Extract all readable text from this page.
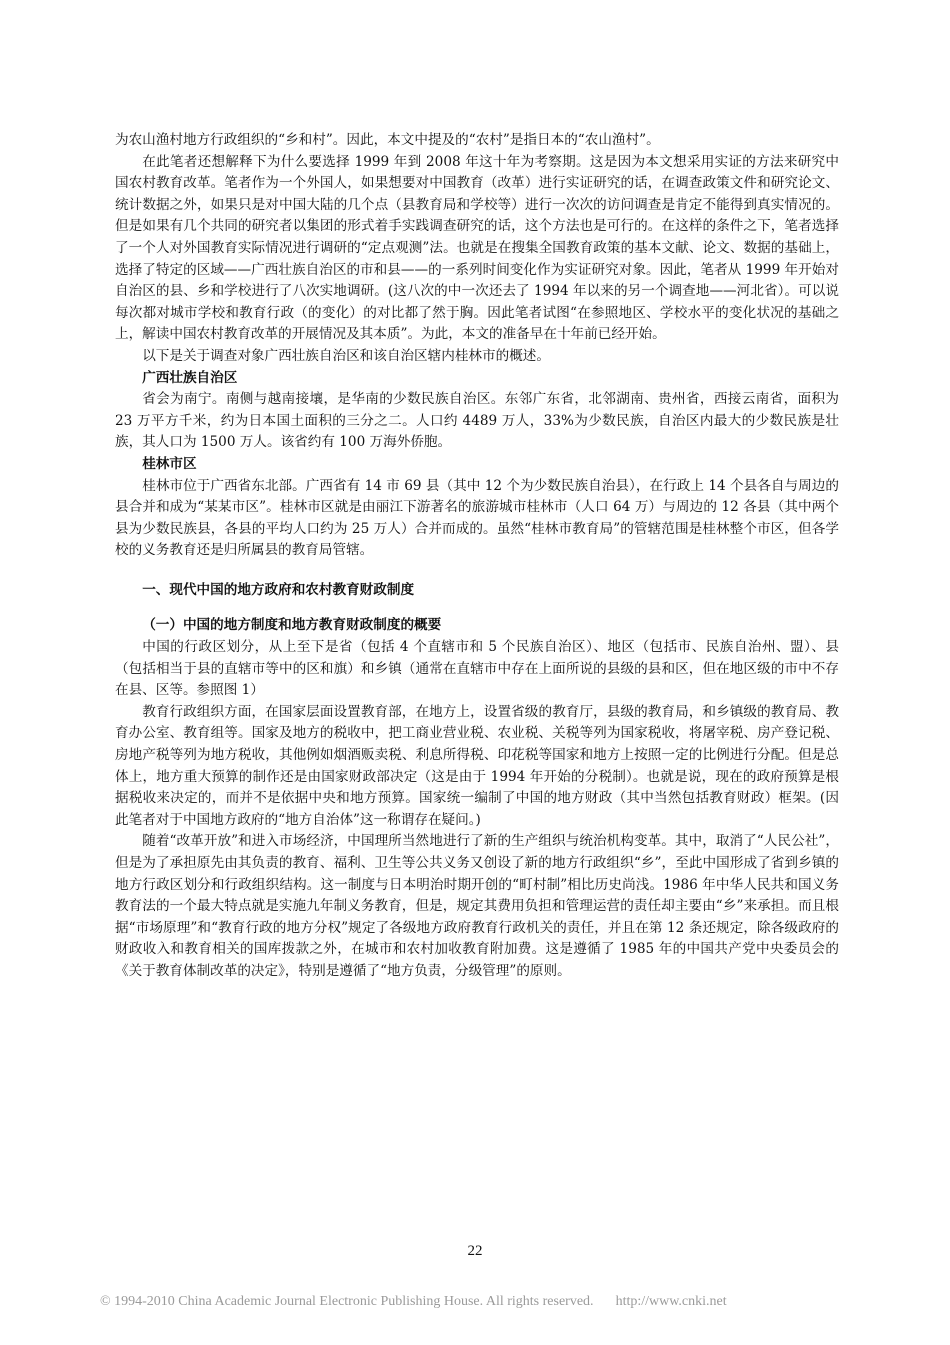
为农山渔村地方行政组织的“乡和村”。因此，本文中提及的“农村”是指日本的“农山渔村”。

在此笔者还想解释下为什么要选择 1999 年到 2008 年这十年为考察期。这是因为本文想采用实证的方法来研究中国农村教育改革。笔者作为一个外国人，如果想要对中国教育（改革）进行实证研究的话，在调查政策文件和研究论文、统计数据之外，如果只是对中国大陆的几个点（县教育局和学校等）进行一次次的访问调查是肯定不能得到真实情况的。但是如果有几个共同的研究者以集团的形式着手实践调查研究的话，这个方法也是可行的。在这样的条件之下，笔者选择了一个人对外国教育实际情况进行调研的“定点观测”法。也就是在搜集全国教育政策的基本文献、论文、数据的基础上，选择了特定的区域——广西壮族自治区的市和县——的一系列时间变化作为实证研究对象。因此，笔者从 1999 年开始对自治区的县、乡和学校进行了八次实地调研。(这八次的中一次还去了 1994 年以来的另一个调查地——河北省）。可以说每次都对城市学校和教育行政（的变化）的对比都了然于胸。因此笔者试图“在参照地区、学校水平的变化状况的基础之上，解读中国农村教育改革的开展情况及其本质”。为此，本文的准备早在十年前已经开始。

以下是关于调查对象广西壮族自治区和该自治区辖内桂林市的概述。

广西壮族自治区

省会为南宁。南侧与越南接壤，是华南的少数民族自治区。东邻广东省，北邻湖南、贵州省，西接云南省，面积为 23 万平方千米，约为日本国土面积的三分之二。人口约 4489 万人，33%为少数民族，自治区内最大的少数民族是壮族，其人口为 1500 万人。该省约有 100 万海外侨胞。

桂林市区

桂林市位于广西省东北部。广西省有 14 市 69 县（其中 12 个为少数民族自治县），在行政上 14 个县各自与周边的县合并和成为“某某市区”。桂林市区就是由丽江下游著名的旅游城市桂林市（人口 64 万）与周边的 12 各县（其中两个县为少数民族县，各县的平均人口约为 25 万人）合并而成的。虽然“桂林市教育局”的管辖范围是桂林整个市区，但各学校的义务教育还是归所属县的教育局管辖。

一、现代中国的地方政府和农村教育财政制度

（一）中国的地方制度和地方教育财政制度的概要

中国的行政区划分，从上至下是省（包括 4 个直辖市和 5 个民族自治区）、地区（包括市、民族自治州、盟）、县（包括相当于县的直辖市等中的区和旗）和乡镇（通常在直辖市中存在上面所说的县级的县和区，但在地区级的市中不存在县、区等。参照图 1）

教育行政组织方面，在国家层面设置教育部，在地方上，设置省级的教育厅，县级的教育局，和乡镇级的教育局、教育办公室、教育组等。国家及地方的税收中，把工商业营业税、农业税、关税等列为国家税收，将屠宰税、房产登记税、房地产税等列为地方税收，其他例如烟酒贩卖税、利息所得税、印花税等国家和地方上按照一定的比例进行分配。但是总体上，地方重大预算的制作还是由国家财政部决定（这是由于 1994 年开始的分税制）。也就是说，现在的政府预算是根据税收来决定的，而并不是依据中央和地方预算。国家统一编制了中国的地方财政（其中当然包括教育财政）框架。(因此笔者对于中国地方政府的“地方自治体”这一称谓存在疑问。)

随着“改革开放”和进入市场经济，中国理所当然地进行了新的生产组织与统治机构变革。其中，取消了“人民公社”，但是为了承担原先由其负责的教育、福利、卫生等公共义务又创设了新的地方行政组织“乡”，至此中国形成了省到乡镇的地方行政区划分和行政组织结构。这一制度与日本明治时期开创的“町村制”相比历史尚浅。1986 年中华人民共和国义务教育法的一个最大特点就是实施九年制义务教育，但是，规定其费用负担和管理运营的责任却主要由“乡”来承担。而且根据“市场原理”和“教育行政的地方分权”规定了各级地方政府教育行政机关的责任，并且在第 12 条还规定，除各级政府的财政收入和教育相关的国库拨款之外，在城市和农村加收教育附加费。这是遵循了 1985 年的中国共产党中央委员会的《关于教育体制改革的决定》，特别是遵循了“地方负责，分级管理”的原则。

22
© 1994-2010 China Academic Journal Electronic Publishing House. All rights reserved. http://www.cnki.net
